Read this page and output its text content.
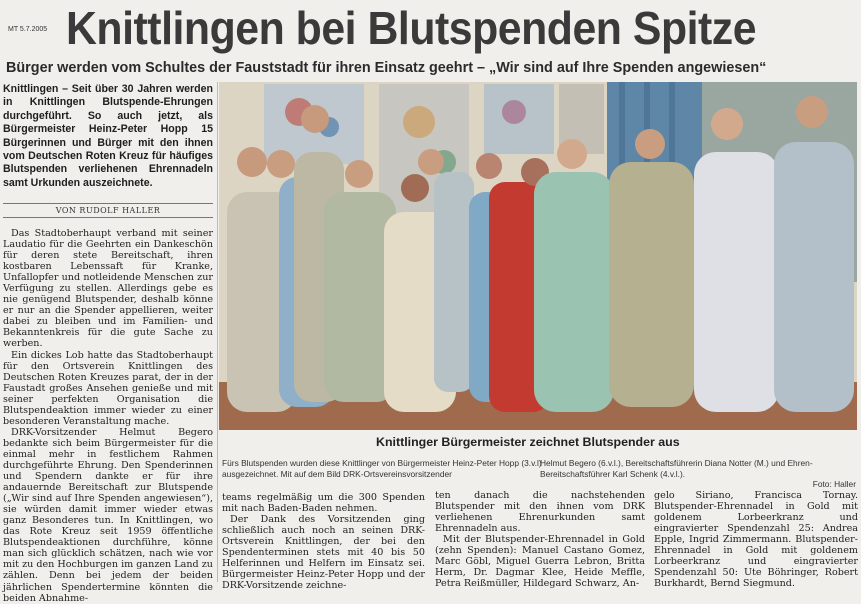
MT 5.7.2005 Knittlingen bei Blutspenden Spitze
Bürger werden vom Schultes der Fauststadt für ihren Einsatz geehrt – „Wir sind auf Ihre Spenden angewiesen“

Knittlingen – Seit über 30 Jahren werden in Knittlingen Blutspende-Ehrungen durchgeführt. So auch jetzt, als Bürgermeister Heinz-Peter Hopp 15 Bürgerinnen und Bürger mit den ihnen vom Deutschen Roten Kreuz für häufiges Blutspenden verliehenen Ehrennadeln samt Urkunden auszeichnete.

VON RUDOLF HALLER

Das Stadtoberhaupt verband mit seiner Laudatio für die Geehrten ein Dankeschön für deren stete Bereitschaft, ihren kostbaren Lebenssaft für Kranke, Unfallopfer und notleidende Menschen zur Verfügung zu stellen. Allerdings gebe es nie genügend Blutspender, deshalb könne er nur an die Spender appellieren, weiter dabei zu bleiben und im Familien- und Bekanntenkreis für die gute Sache zu werben.

Ein dickes Lob hatte das Stadtoberhaupt für den Ortsverein Knittlingen des Deutschen Roten Kreuzes parat, der in der Faustadt großes Ansehen genieße und mit seiner perfekten Organisation die Blutspendeaktion immer wieder zu einer besonderen Veranstaltung mache.

DRK-Vorsitzender Helmut Begero bedankte sich beim Bürgermeister für die einmal mehr in festlichem Rahmen durchgeführte Ehrung. Den Spenderinnen und Spendern dankte er für ihre andauernde Bereitschaft zur Blutspende („Wir sind auf Ihre Spenden angewiesen“), sie würden damit immer wieder etwas ganz Besonderes tun. In Knittlingen, wo das Rote Kreuz seit 1959 öffentliche Blutspendeaktionen durchführe, könne man sich glücklich schätzen, nach wie vor mit zu den Hochburgen im ganzen Land zu zählen. Denn bei jedem der beiden jährlichen Spendertermine könnten die beiden Abnahme-

Knittlinger Bürgermeister zeichnet Blutspender aus
Fürs Blutspenden wurden diese Knittlinger von Bürgermeister Heinz-Peter Hopp (3.v.l) ausgezeichnet. Mit auf dem Bild DRK-Ortsvereinsvorsitzender
Helmut Begero (6.v.l.), Bereitschaftsführerin Diana Notter (M.) und Ehren-Bereitschaftsführer Karl Schenk (4.v.l.).
Foto: Haller

teams regelmäßig um die 300 Spenden mit nach Baden-Baden nehmen.

Der Dank des Vorsitzenden ging schließlich auch noch an seinen DRK-Ortsverein Knittlingen, der bei den Spendenterminen stets mit 40 bis 50 Helferinnen und Helfern im Einsatz sei. Bürgermeister Heinz-Peter Hopp und der DRK-Vorsitzende zeichne-

ten danach die nachstehenden Blutspender mit den ihnen vom DRK verliehenen Ehrenurkunden samt Ehrennadeln aus.

Mit der Blutspender-Ehrennadel in Gold (zehn Spenden): Manuel Castano Gomez, Marc Göbl, Miguel Guerra Lebron, Britta Herm, Dr. Dagmar Klee, Heide Meffle, Petra Reißmüller, Hildegard Schwarz, An-

gelo Siriano, Francisca Tornay. Blutspender-Ehrennadel in Gold mit goldenem Lorbeerkranz und eingravierter Spendenzahl 25: Andrea Epple, Ingrid Zimmermann. Blutspender-Ehrennadel in Gold mit goldenem Lorbeerkranz und eingravierter Spendenzahl 50: Ute Böhringer, Robert Burkhardt, Bernd Siegmund.
